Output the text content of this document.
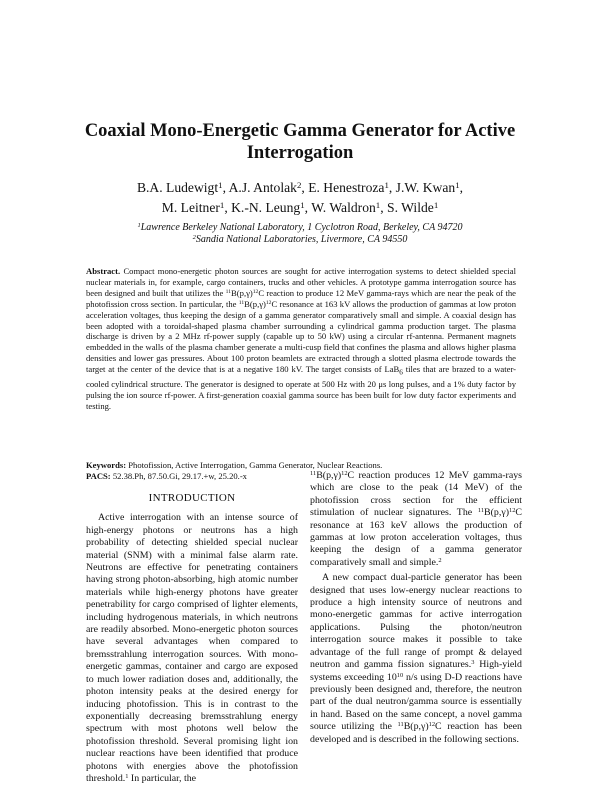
Coaxial Mono-Energetic Gamma Generator for Active Interrogation
B.A. Ludewigt$^1$, A.J. Antolak$^2$, E. Henestroza$^1$, J.W. Kwan$^1$,
M. Leitner$^1$, K.-N. Leung$^1$, W. Waldron$^1$, S. Wilde$^1$
$^1$Lawrence Berkeley National Laboratory, 1 Cyclotron Road, Berkeley, CA 94720
$^2$Sandia National Laboratories, Livermore, CA 94550
Abstract. Compact mono-energetic photon sources are sought for active interrogation systems to detect shielded special nuclear materials in, for example, cargo containers, trucks and other vehicles. A prototype gamma interrogation source has been designed and built that utilizes the $^{11}B(p,\gamma)^{12}C$ reaction to produce 12 MeV gamma-rays which are near the peak of the photofission cross section. In particular, the $^{11}B(p,\gamma)^{12}C$ resonance at 163 kV allows the production of gammas at low proton acceleration voltages, thus keeping the design of a gamma generator comparatively small and simple. A coaxial design has been adopted with a toroidal-shaped plasma chamber surrounding a cylindrical gamma production target. The plasma discharge is driven by a 2 MHz rf-power supply (capable up to 50 kW) using a circular rf-antenna. Permanent magnets embedded in the walls of the plasma chamber generate a multi-cusp field that confines the plasma and allows higher plasma densities and lower gas pressures. About 100 proton beamlets are extracted through a slotted plasma electrode towards the target at the center of the device that is at a negative 180 kV. The target consists of LaB$_6$ tiles that are brazed to a water-cooled cylindrical structure. The generator is designed to operate at 500 Hz with 20 μs long pulses, and a 1% duty factor by pulsing the ion source rf-power. A first-generation coaxial gamma source has been built for low duty factor experiments and testing.
Keywords: Photofission, Active Interrogation, Gamma Generator, Nuclear Reactions.
PACS: 52.38.Ph, 87.50.Gi, 29.17.+w, 25.20.-x
INTRODUCTION

Active interrogation with an intense source of high-energy photons or neutrons has a high probability of detecting shielded special nuclear material (SNM) with a minimal false alarm rate. Neutrons are effective for penetrating containers having strong photon-absorbing, high atomic number materials while high-energy photons have greater penetrability for cargo comprised of lighter elements, including hydrogenous materials, in which neutrons are readily absorbed. Mono-energetic photon sources have several advantages when compared to bremsstrahlung interrogation sources. With mono-energetic gammas, container and cargo are exposed to much lower radiation doses and, additionally, the photon intensity peaks at the desired energy for inducing photofission. This is in contrast to the exponentially decreasing bremsstrahlung energy spectrum with most photons well below the photofission threshold. Several promising light ion nuclear reactions have been identified that produce photons with energies above the photofission threshold.$^1$ In particular, the

$^{11}B(p,\gamma)^{12}C$ reaction produces 12 MeV gamma-rays which are close to the peak (14 MeV) of the photofission cross section for the efficient stimulation of nuclear signatures. The $^{11}B(p,\gamma)^{12}C$ resonance at 163 keV allows the production of gammas at low proton acceleration voltages, thus keeping the design of a gamma generator comparatively small and simple.$^2$

A new compact dual-particle generator has been designed that uses low-energy nuclear reactions to produce a high intensity source of neutrons and mono-energetic gammas for active interrogation applications. Pulsing the photon/neutron interrogation source makes it possible to take advantage of the full range of prompt & delayed neutron and gamma fission signatures.$^3$ High-yield systems exceeding $10^{10}$ n/s using D-D reactions have previously been designed and, therefore, the neutron part of the dual neutron/gamma source is essentially in hand. Based on the same concept, a novel gamma source utilizing the $^{11}B(p,\gamma)^{12}C$ reaction has been developed and is described in the following sections.
